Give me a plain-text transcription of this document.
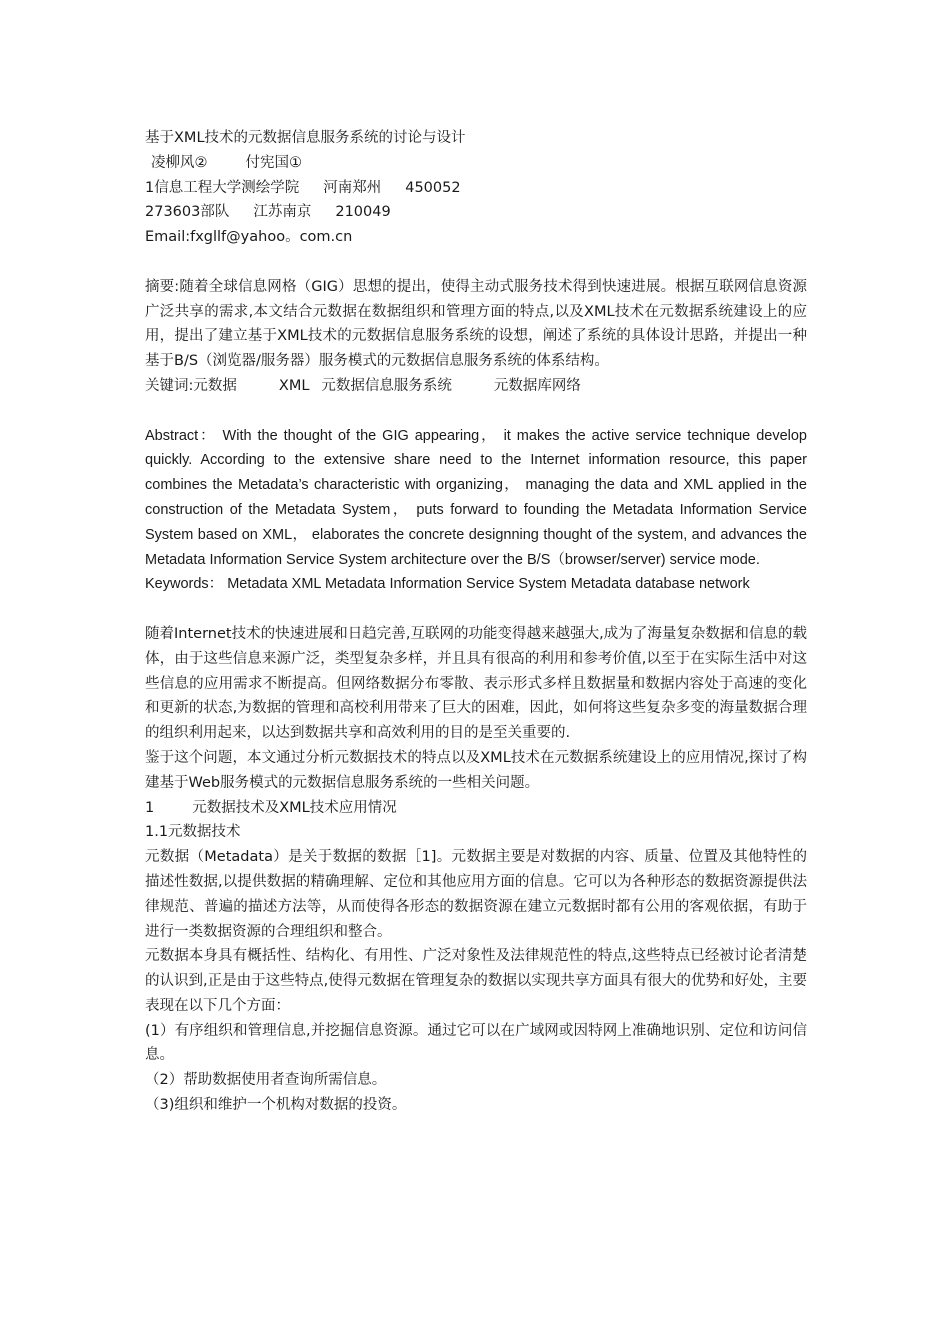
基于XML技术的元数据信息服务系统的讨论与设计

凌柳风②	付宪国①

1信息工程大学测绘学院 河南郑州 450052

273603部队 江苏南京 210049

Email:fxgllf@yahoo。com.cn

摘要:随着全球信息网格（GIG）思想的提出，使得主动式服务技术得到快速进展。根据互联网信息资源广泛共享的需求,本文结合元数据在数据组织和管理方面的特点,以及XML技术在元数据系统建设上的应用，提出了建立基于XML技术的元数据信息服务系统的设想，阐述了系统的具体设计思路，并提出一种基于B/S（浏览器/服务器）服务模式的元数据信息服务系统的体系结构。

关键词:元数据	XML 元数据信息服务系统	元数据库网络

Abstract： With the thought of the GIG appearing， it makes the active service technique develop quickly. According to the extensive share need to the Internet information resource, this paper combines the Metadata’s characteristic with organizing， managing the data and XML applied in the construction of the Metadata System， puts forward to founding the Metadata Information Service System based on XML， elaborates the concrete designning thought of the system, and advances the Metadata Information Service System architecture over the B/S（browser/server) service mode.

Keywords： Metadata XML Metadata Information Service System Metadata database network

随着Internet技术的快速进展和日趋完善,互联网的功能变得越来越强大,成为了海量复杂数据和信息的载体，由于这些信息来源广泛，类型复杂多样，并且具有很高的利用和参考价值,以至于在实际生活中对这些信息的应用需求不断提高。但网络数据分布零散、表示形式多样且数据量和数据内容处于高速的变化和更新的状态,为数据的管理和高校利用带来了巨大的困难，因此，如何将这些复杂多变的海量数据合理的组织利用起来，以达到数据共享和高效利用的目的是至关重要的.

鉴于这个问题，本文通过分析元数据技术的特点以及XML技术在元数据系统建设上的应用情况,探讨了构建基于Web服务模式的元数据信息服务系统的一些相关问题。

1	元数据技术及XML技术应用情况

1.1元数据技术

元数据（Metadata）是关于数据的数据［1]。元数据主要是对数据的内容、质量、位置及其他特性的描述性数据,以提供数据的精确理解、定位和其他应用方面的信息。它可以为各种形态的数据资源提供法律规范、普遍的描述方法等，从而使得各形态的数据资源在建立元数据时都有公用的客观依据，有助于进行一类数据资源的合理组织和整合。

元数据本身具有概括性、结构化、有用性、广泛对象性及法律规范性的特点,这些特点已经被讨论者清楚的认识到,正是由于这些特点,使得元数据在管理复杂的数据以实现共享方面具有很大的优势和好处，主要表现在以下几个方面：

(1）有序组织和管理信息,并挖掘信息资源。通过它可以在广域网或因特网上准确地识别、定位和访问信息。

（2）帮助数据使用者查询所需信息。

（3)组织和维护一个机构对数据的投资。
